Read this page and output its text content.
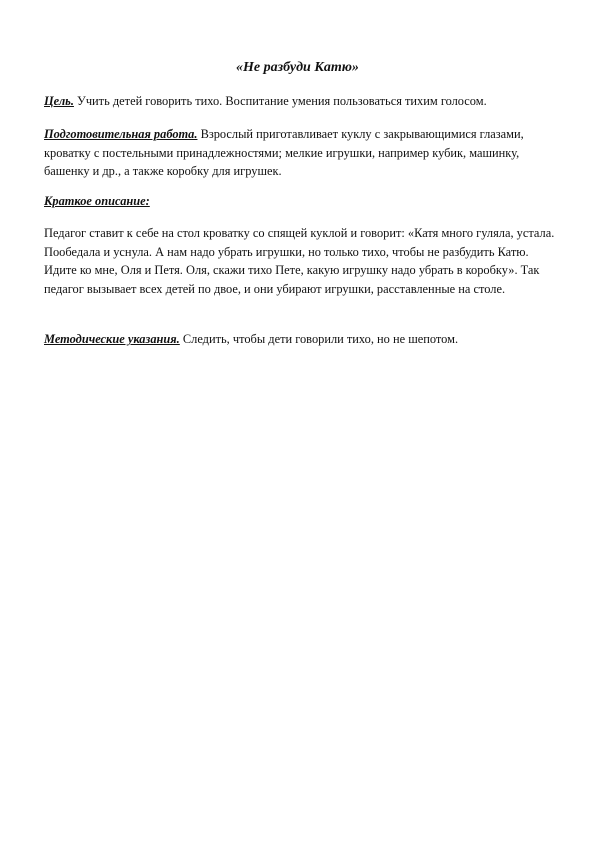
«Не разбуди Катю»

Цель. Учить детей говорить тихо. Воспитание умения пользоваться тихим голосом.

Подготовительная работа. Взрослый приготавливает куклу с закрывающимися глазами, кроватку с постельными принадлежностями; мелкие игрушки, например кубик, машинку, башенку и др., а также коробку для игрушек.

Краткое описание:

Педагог ставит к себе на стол кроватку со спящей куклой и говорит: «Катя много гуляла, устала. Пообедала и уснула. А нам надо убрать игрушки, но только тихо, чтобы не разбудить Катю. Идите ко мне, Оля и Петя. Оля, скажи тихо Пете, какую игрушку надо убрать в коробку». Так педагог вызывает всех детей по двое, и они убирают игрушки, расставленные на столе.

Методические указания. Следить, чтобы дети говорили тихо, но не шепотом.
